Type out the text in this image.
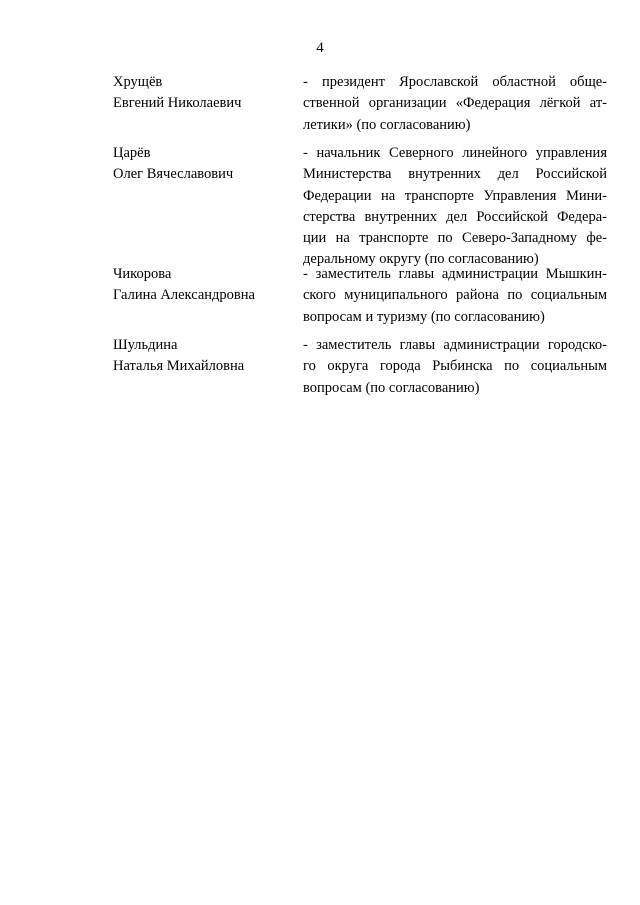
4
Хрущёв
Евгений Николаевич
- президент Ярославской областной обще-
ственной организации «Федерация лёгкой ат-
летики» (по согласованию)
Царёв
Олег Вячеславович
- начальник Северного линейного управления
Министерства внутренних дел Российской
Федерации на транспорте Управления Мини-
стерства внутренних дел Российской Федера-
ции на транспорте по Северо-Западному фе-
деральному округу (по согласованию)
Чикорова
Галина Александровна
- заместитель главы администрации Мышкин-
ского муниципального района по социальным
вопросам и туризму (по согласованию)
Шульдина
Наталья Михайловна
- заместитель главы администрации городско-
го округа города Рыбинска по социальным
вопросам (по согласованию)
